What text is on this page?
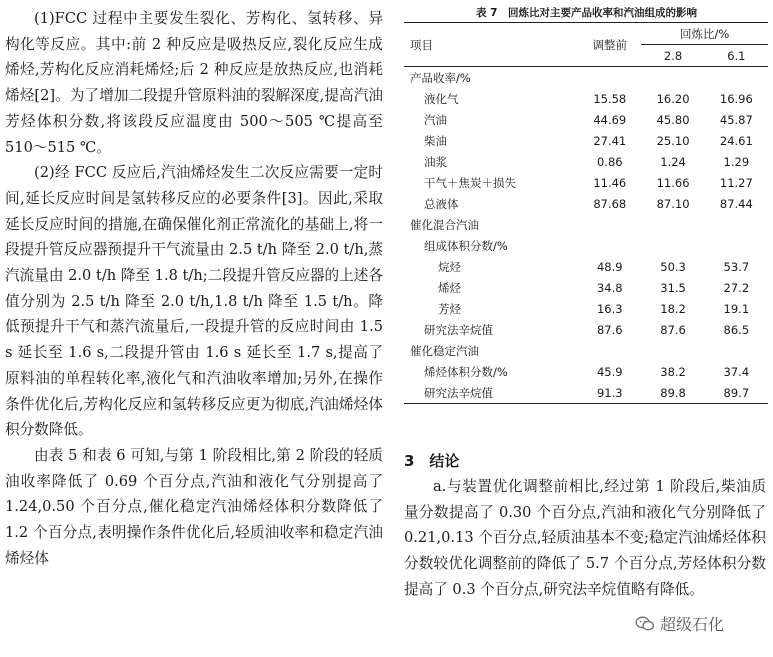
(1)FCC 过程中主要发生裂化、芳构化、氢转移、异构化等反应。其中:前 2 种反应是吸热反应,裂化反应生成烯烃,芳构化反应消耗烯烃;后 2 种反应是放热反应,也消耗烯烃[2]。为了增加二段提升管原料油的裂解深度,提高汽油芳烃体积分数,将该段反应温度由 500～505 ℃提高至 510～515 ℃。

(2)经 FCC 反应后,汽油烯烃发生二次反应需要一定时间,延长反应时间是氢转移反应的必要条件[3]。因此,采取延长反应时间的措施,在确保催化剂正常流化的基础上,将一段提升管反应器预提升干气流量由 2.5 t/h 降至 2.0 t/h,蒸汽流量由 2.0 t/h 降至 1.8 t/h;二段提升管反应器的上述各值分别为 2.5 t/h 降至 2.0 t/h,1.8 t/h 降至 1.5 t/h。降低预提升干气和蒸汽流量后,一段提升管的反应时间由 1.5 s 延长至 1.6 s,二段提升管由 1.6 s 延长至 1.7 s,提高了原料油的单程转化率,液化气和汽油收率增加;另外,在操作条件优化后,芳构化反应和氢转移反应更为彻底,汽油烯烃体积分数降低。

由表 5 和表 6 可知,与第 1 阶段相比,第 2 阶段的轻质油收率降低了 0.69 个百分点,汽油和液化气分别提高了 1.24,0.50 个百分点,催化稳定汽油烯烃体积分数降低了 1.2 个百分点,表明操作条件优化后,轻质油收率和稳定汽油烯烃体

表 7　回炼比对主要产品收率和汽油组成的影响
项目	调整前	回炼比/%	
		2.8	6.1
产品收率/%			
液化气	15.58	16.20	16.96
汽油	44.69	45.80	45.87
柴油	27.41	25.10	24.61
油浆	0.86	1.24	1.29
干气＋焦炭＋损失	11.46	11.66	11.27
总液体	87.68	87.10	87.44
催化混合汽油			
组成体积分数/%			
烷烃	48.9	50.3	53.7
烯烃	34.8	31.5	27.2
芳烃	16.3	18.2	19.1
研究法辛烷值	87.6	87.6	86.5
催化稳定汽油			
烯烃体积分数/%	45.9	38.2	37.4
研究法辛烷值	91.3	89.8	89.7
3　结论

a.与装置优化调整前相比,经过第 1 阶段后,柴油质量分数提高了 0.30 个百分点,汽油和液化气分别降低了 0.21,0.13 个百分点,轻质油基本不变;稳定汽油烯烃体积分数较优化调整前的降低了 5.7 个百分点,芳烃体积分数提高了 0.3 个百分点,研究法辛烷值略有降低。

超级石化
